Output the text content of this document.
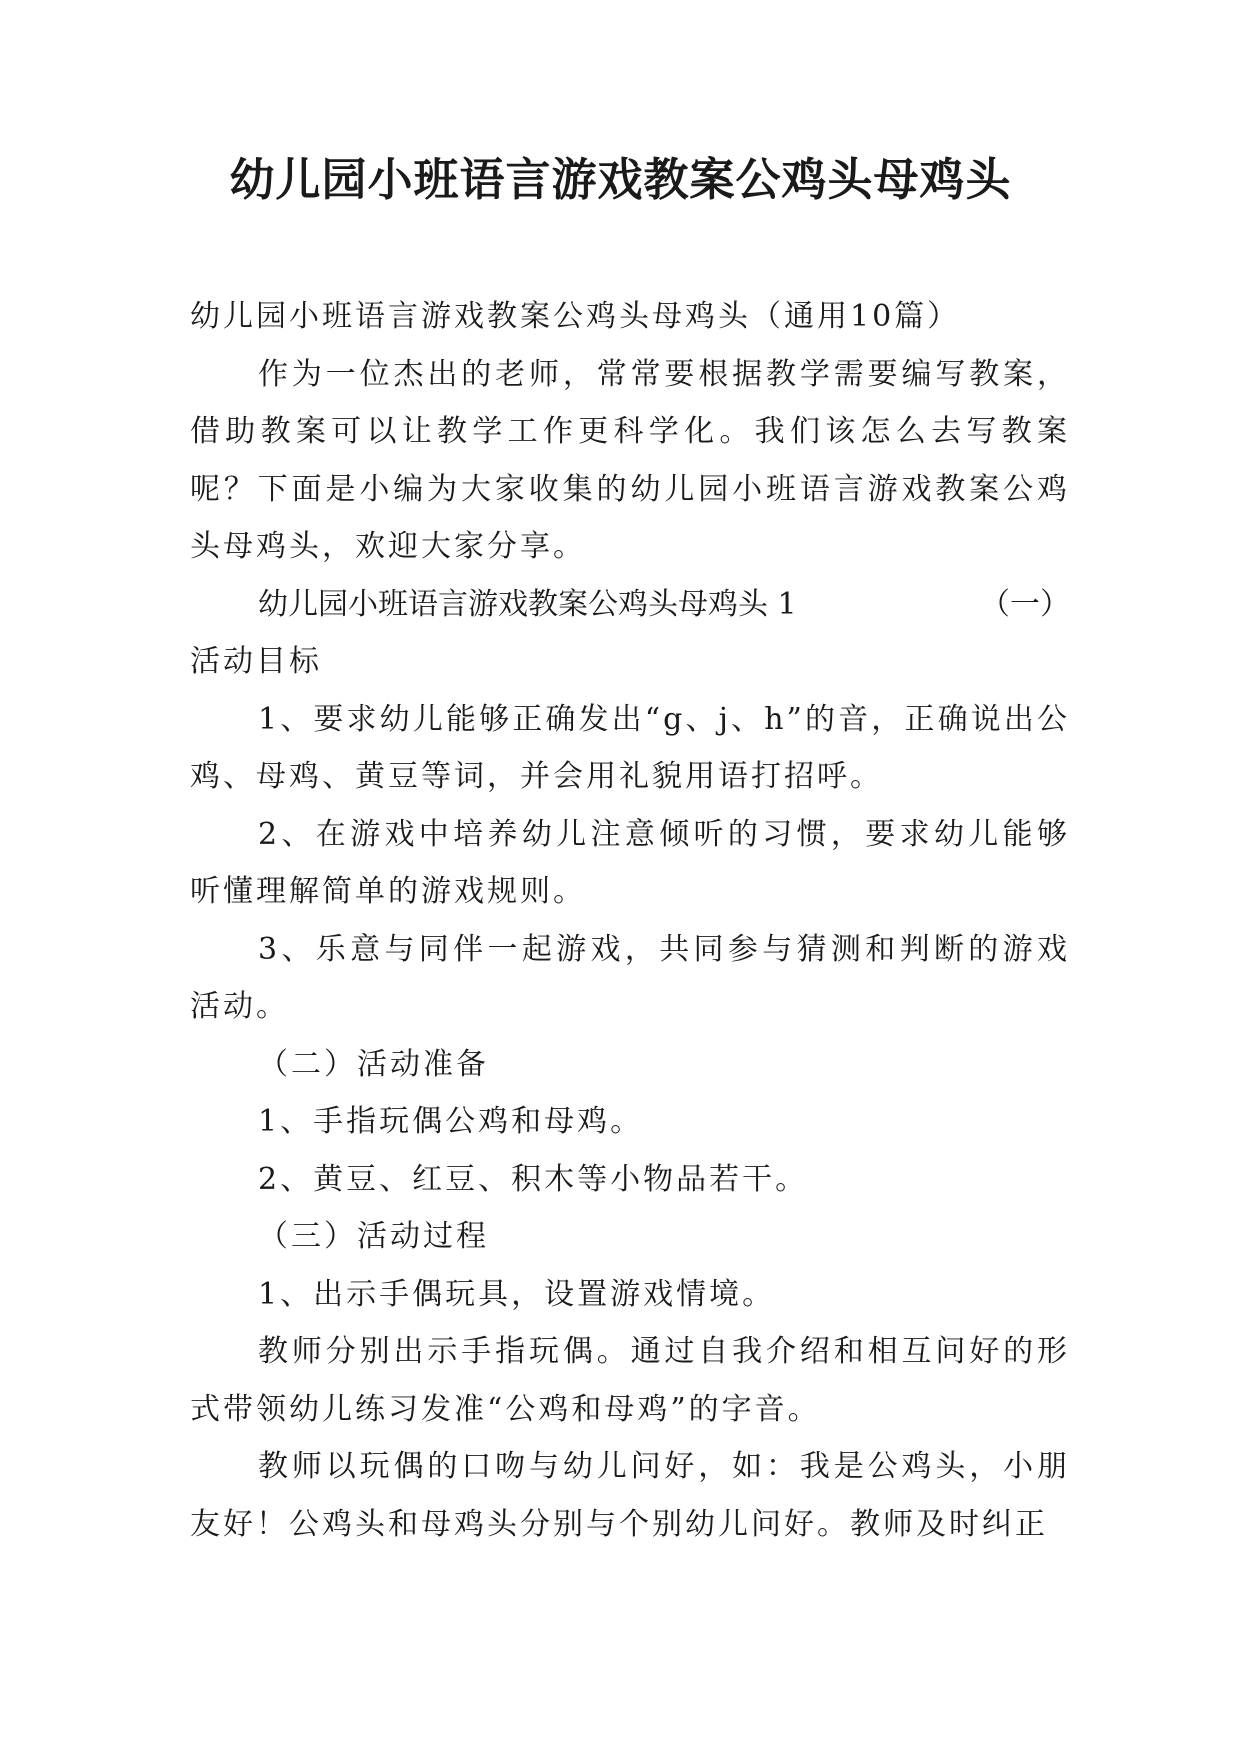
幼儿园小班语言游戏教案公鸡头母鸡头

幼儿园小班语言游戏教案公鸡头母鸡头（通用10篇）

作为一位杰出的老师，常常要根据教学需要编写教案，借助教案可以让教学工作更科学化。我们该怎么去写教案呢？下面是小编为大家收集的幼儿园小班语言游戏教案公鸡头母鸡头，欢迎大家分享。

幼儿园小班语言游戏教案公鸡头母鸡头 1	（一）

活动目标

1、要求幼儿能够正确发出“g、j、h”的音，正确说出公鸡、母鸡、黄豆等词，并会用礼貌用语打招呼。

2、在游戏中培养幼儿注意倾听的习惯，要求幼儿能够听懂理解简单的游戏规则。

3、乐意与同伴一起游戏，共同参与猜测和判断的游戏活动。

（二）活动准备

1、手指玩偶公鸡和母鸡。

2、黄豆、红豆、积木等小物品若干。

（三）活动过程

1、出示手偶玩具，设置游戏情境。

教师分别出示手指玩偶。通过自我介绍和相互问好的形式带领幼儿练习发准“公鸡和母鸡”的字音。

教师以玩偶的口吻与幼儿问好，如：我是公鸡头，小朋友好！公鸡头和母鸡头分别与个别幼儿问好。教师及时纠正
